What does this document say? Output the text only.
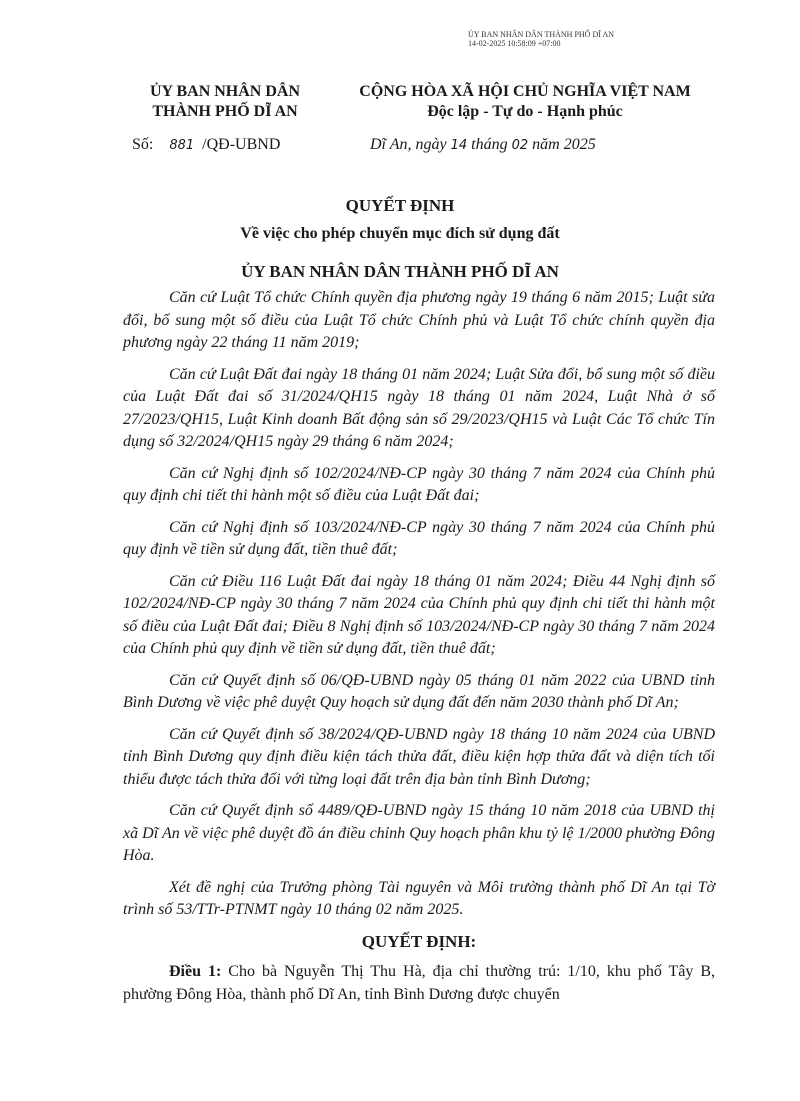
ỦY BAN NHÂN DÂN THÀNH PHỐ DĨ AN
14-02-2025 10:58:09 +07:00
ỦY BAN NHÂN DÂN
THÀNH PHỐ DĨ AN
CỘNG HÒA XÃ HỘI CHỦ NGHĨA VIỆT NAM
Độc lập - Tự do - Hạnh phúc
Số: 881 /QĐ-UBND	Dĩ An, ngày 14 tháng 02 năm 2025
QUYẾT ĐỊNH
Về việc cho phép chuyển mục đích sử dụng đất
ỦY BAN NHÂN DÂN THÀNH PHỐ DĨ AN

Căn cứ Luật Tổ chức Chính quyền địa phương ngày 19 tháng 6 năm 2015; Luật sửa đổi, bổ sung một số điều của Luật Tổ chức Chính phủ và Luật Tổ chức chính quyền địa phương ngày 22 tháng 11 năm 2019;

Căn cứ Luật Đất đai ngày 18 tháng 01 năm 2024; Luật Sửa đổi, bổ sung một số điều của Luật Đất đai số 31/2024/QH15 ngày 18 tháng 01 năm 2024, Luật Nhà ở số 27/2023/QH15, Luật Kinh doanh Bất động sản số 29/2023/QH15 và Luật Các Tổ chức Tín dụng số 32/2024/QH15 ngày 29 tháng 6 năm 2024;

Căn cứ Nghị định số 102/2024/NĐ-CP ngày 30 tháng 7 năm 2024 của Chính phủ quy định chi tiết thi hành một số điều của Luật Đất đai;

Căn cứ Nghị định số 103/2024/NĐ-CP ngày 30 tháng 7 năm 2024 của Chính phủ quy định về tiền sử dụng đất, tiền thuê đất;

Căn cứ Điều 116 Luật Đất đai ngày 18 tháng 01 năm 2024; Điều 44 Nghị định số 102/2024/NĐ-CP ngày 30 tháng 7 năm 2024 của Chính phủ quy định chi tiết thi hành một số điều của Luật Đất đai; Điều 8 Nghị định số 103/2024/NĐ-CP ngày 30 tháng 7 năm 2024 của Chính phủ quy định về tiền sử dụng đất, tiền thuê đất;

Căn cứ Quyết định số 06/QĐ-UBND ngày 05 tháng 01 năm 2022 của UBND tỉnh Bình Dương về việc phê duyệt Quy hoạch sử dụng đất đến năm 2030 thành phố Dĩ An;

Căn cứ Quyết định số 38/2024/QĐ-UBND ngày 18 tháng 10 năm 2024 của UBND tỉnh Bình Dương quy định điều kiện tách thửa đất, điều kiện hợp thửa đất và diện tích tối thiểu được tách thửa đối với từng loại đất trên địa bàn tỉnh Bình Dương;

Căn cứ Quyết định số 4489/QĐ-UBND ngày 15 tháng 10 năm 2018 của UBND thị xã Dĩ An về việc phê duyệt đồ án điều chỉnh Quy hoạch phân khu tỷ lệ 1/2000 phường Đông Hòa.

Xét đề nghị của Trưởng phòng Tài nguyên và Môi trường thành phố Dĩ An tại Tờ trình số 53/TTr-PTNMT ngày 10 tháng 02 năm 2025.

QUYẾT ĐỊNH:
Điều 1: Cho bà Nguyễn Thị Thu Hà, địa chỉ thường trú: 1/10, khu phố Tây B, phường Đông Hòa, thành phố Dĩ An, tỉnh Bình Dương được chuyển
